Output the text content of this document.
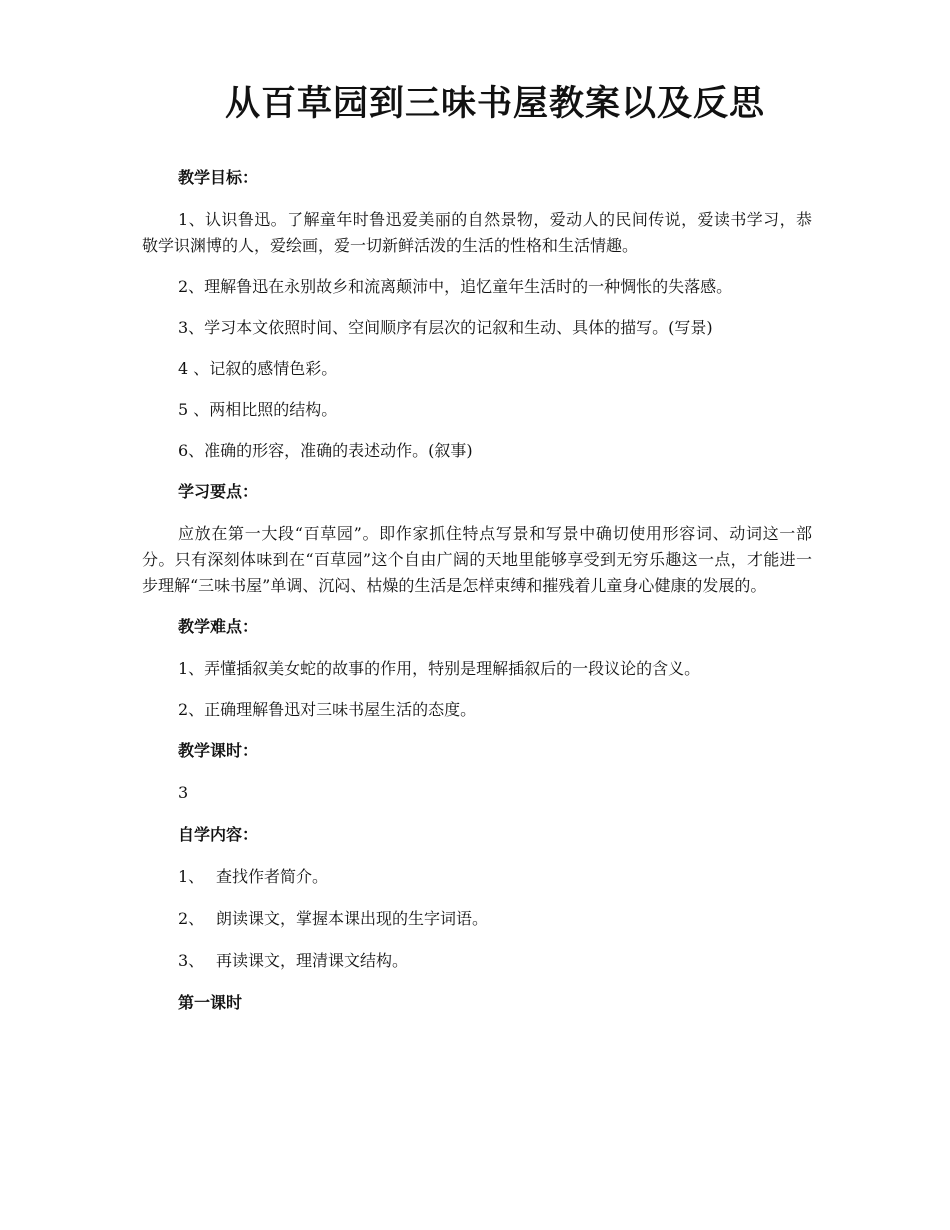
从百草园到三味书屋教案以及反思
教学目标：

1、认识鲁迅。了解童年时鲁迅爱美丽的自然景物，爱动人的民间传说，爱读书学习，恭敬学识渊博的人，爱绘画，爱一切新鲜活泼的生活的性格和生活情趣。

2、理解鲁迅在永别故乡和流离颠沛中，追忆童年生活时的一种惆怅的失落感。

3、学习本文依照时间、空间顺序有层次的记叙和生动、具体的描写。(写景)

4 、记叙的感情色彩。

5 、两相比照的结构。

6、准确的形容，准确的表述动作。(叙事)

学习要点：

应放在第一大段“百草园”。即作家抓住特点写景和写景中确切使用形容词、动词这一部分。只有深刻体味到在“百草园”这个自由广阔的天地里能够享受到无穷乐趣这一点，才能进一步理解“三味书屋”单调、沉闷、枯燥的生活是怎样束缚和摧残着儿童身心健康的发展的。

教学难点：

1、弄懂插叙美女蛇的故事的作用，特别是理解插叙后的一段议论的含义。

2、正确理解鲁迅对三味书屋生活的态度。

教学课时：
3
自学内容：
1、 查找作者简介。
2、 朗读课文，掌握本课出现的生字词语。
3、 再读课文，理清课文结构。
第一课时
